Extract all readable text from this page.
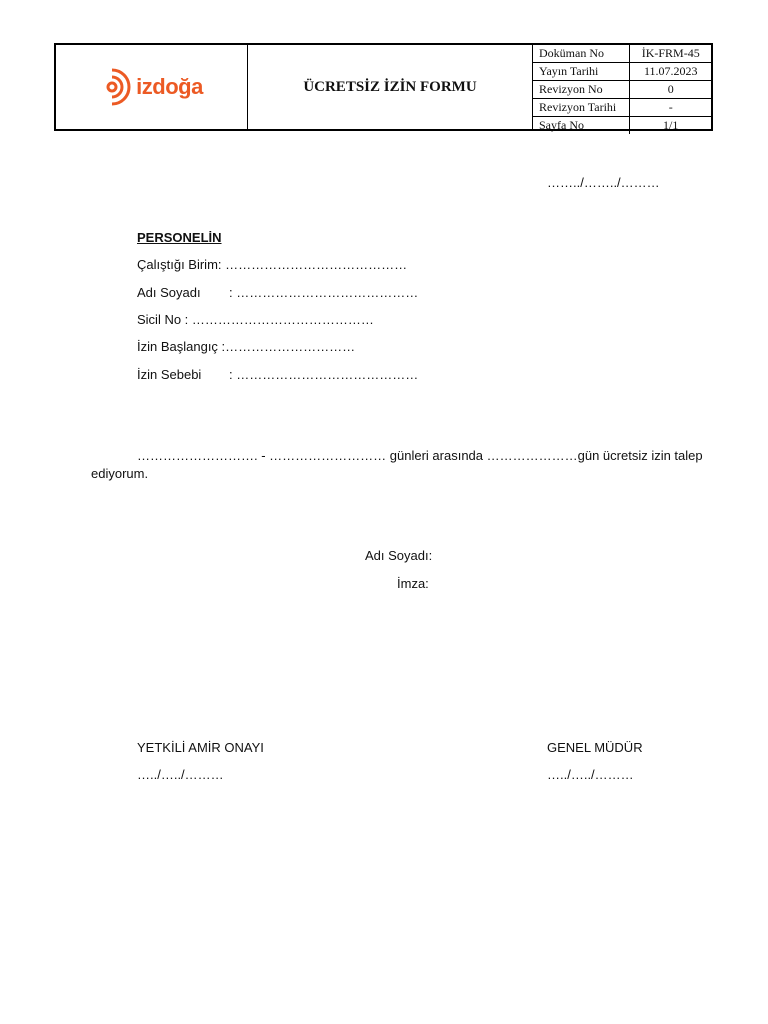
izdoğa	ÜCRETSİZ İZİN FORMU
Doküman No	İK-FRM-45
Yayın Tarihi	11.07.2023
Revizyon No	0
Revizyon Tarihi	-
Sayfa No	1/1
……../……../………
PERSONELİN
Çalıştığı Birim: ……………………………………
Adı Soyadı : ……………………………………
Sicil No : ……………………………………
İzin Başlangıç :…………………………
İzin Sebebi : ……………………………………
………………………. - ……………………… günleri arasında …………………gün ücretsiz izin talep
ediyorum.
Adı Soyadı:
İmza:
YETKİLİ AMİR ONAYI
…../…../………
GENEL MÜDÜR
…../…../………
